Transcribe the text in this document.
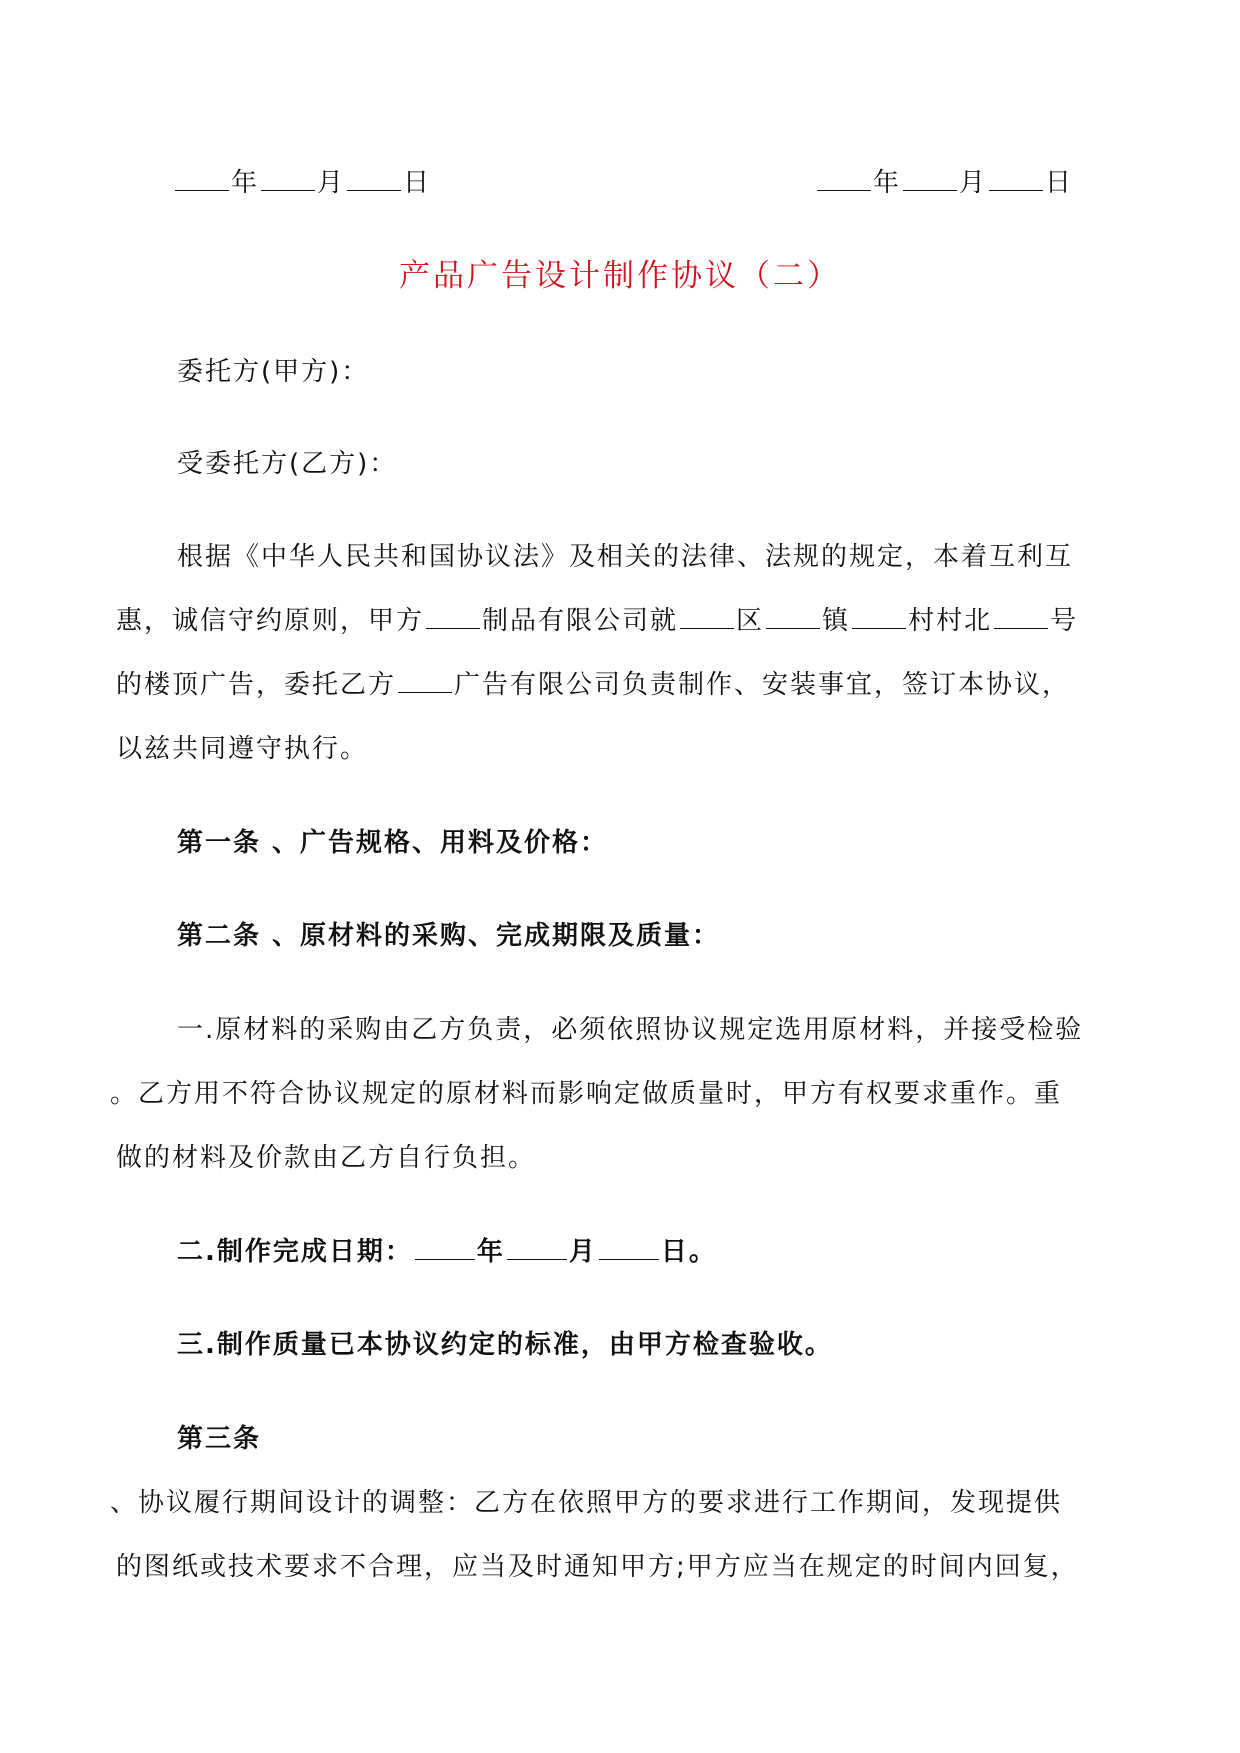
年 月 日	年 月 日
产品广告设计制作协议（二）
委托方(甲方)：
受委托方(乙方)：
根据《中华人民共和国协议法》及相关的法律、法规的规定，本着互利互
惠，诚信守约原则，甲方 制品有限公司就 区 镇 村村北 号
的楼顶广告，委托乙方 广告有限公司负责制作、安装事宜，签订本协议，
以兹共同遵守执行。
第一条 、广告规格、用料及价格：
第二条 、原材料的采购、完成期限及质量：
一.原材料的采购由乙方负责，必须依照协议规定选用原材料，并接受检验
。乙方用不符合协议规定的原材料而影响定做质量时，甲方有权要求重作。重
做的材料及价款由乙方自行负担。
二.制作完成日期： 年 月 日。
三.制作质量已本协议约定的标准，由甲方检查验收。
第三条
、协议履行期间设计的调整：乙方在依照甲方的要求进行工作期间，发现提供
的图纸或技术要求不合理，应当及时通知甲方;甲方应当在规定的时间内回复，
